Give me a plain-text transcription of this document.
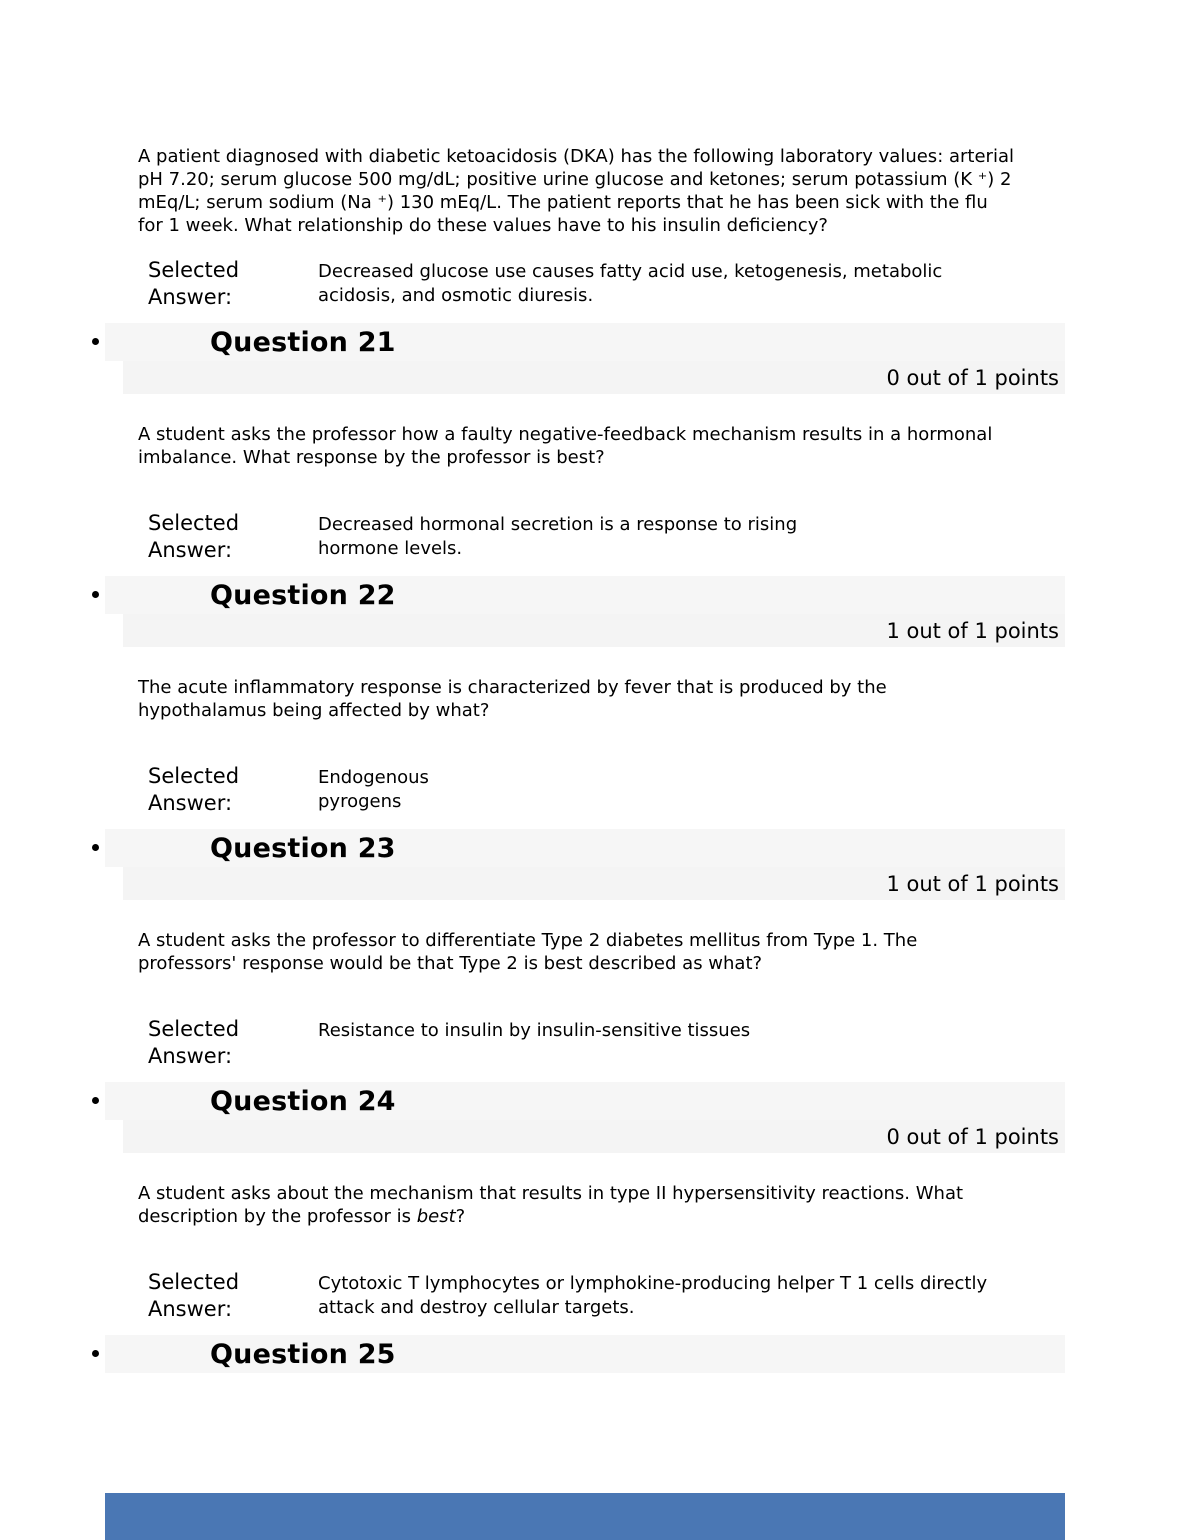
A patient diagnosed with diabetic ketoacidosis (DKA) has the following laboratory values: arterial pH 7.20; serum glucose 500 mg/dL; positive urine glucose and ketones; serum potassium (K ⁺) 2 mEq/L; serum sodium (Na ⁺) 130 mEq/L. The patient reports that he has been sick with the flu for 1 week. What relationship do these values have to his insulin deficiency?

Selected Answer:
Decreased glucose use causes fatty acid use, ketogenesis, metabolic acidosis, and osmotic diuresis.
Question 21
0 out of 1 points

A student asks the professor how a faulty negative-feedback mechanism results in a hormonal imbalance. What response by the professor is best?

Selected Answer:
Decreased hormonal secretion is a response to rising hormone levels.
Question 22
1 out of 1 points

The acute inflammatory response is characterized by fever that is produced by the hypothalamus being affected by what?

Selected Answer:
Endogenous pyrogens
Question 23
1 out of 1 points

A student asks the professor to differentiate Type 2 diabetes mellitus from Type 1. The professors' response would be that Type 2 is best described as what?

Selected Answer:
Resistance to insulin by insulin-sensitive tissues
Question 24
0 out of 1 points

A student asks about the mechanism that results in type II hypersensitivity reactions. What description by the professor is best?

Selected Answer:
Cytotoxic T lymphocytes or lymphokine-producing helper T 1 cells directly attack and destroy cellular targets.
Question 25
